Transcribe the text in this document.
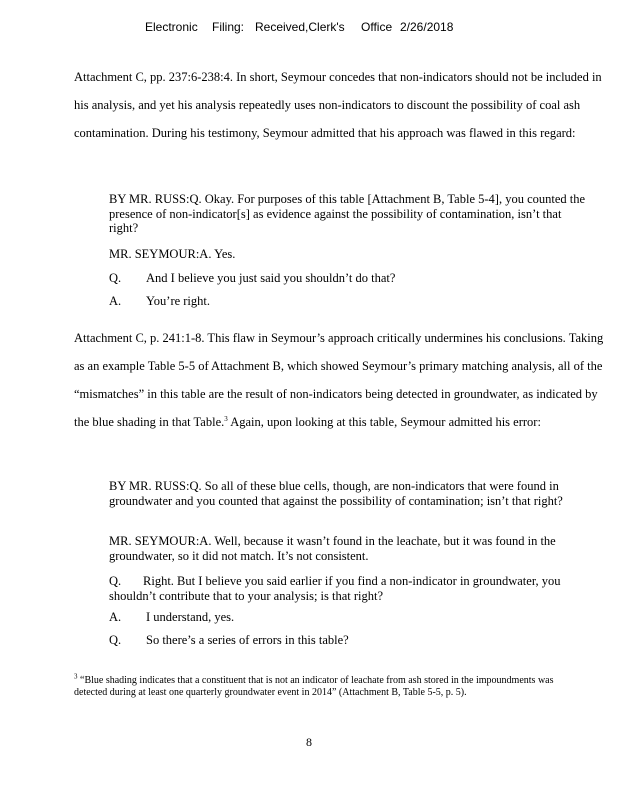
Electronic Filing: Received,Clerk's Office 2/26/2018

Attachment C, pp. 237:6-238:4. In short, Seymour concedes that non-indicators should not be included in his analysis, and yet his analysis repeatedly uses non-indicators to discount the possibility of coal ash contamination. During his testimony, Seymour admitted that his approach was flawed in this regard:

BY MR. RUSS:Q. Okay. For purposes of this table [Attachment B, Table 5-4], you counted the presence of non-indicator[s] as evidence against the possibility of contamination, isn’t that right?

MR. SEYMOUR:A. Yes.

Q. And I believe you just said you shouldn’t do that?
A. You’re right.

Attachment C, p. 241:1-8. This flaw in Seymour’s approach critically undermines his conclusions. Taking as an example Table 5-5 of Attachment B, which showed Seymour’s primary matching analysis, all of the “mismatches” in this table are the result of non-indicators being detected in groundwater, as indicated by the blue shading in that Table.$^3$ Again, upon looking at this table, Seymour admitted his error:

BY MR. RUSS:Q. So all of these blue cells, though, are non-indicators that were found in groundwater and you counted that against the possibility of contamination; isn’t that right?

MR. SEYMOUR:A. Well, because it wasn’t found in the leachate, but it was found in the groundwater, so it did not match. It’s not consistent.

Q.       Right. But I believe you said earlier if you find a non-indicator in groundwater, you shouldn’t contribute that to your analysis; is that right?

A. I understand, yes.
Q. So there’s a series of errors in this table?

$^3$ “Blue shading indicates that a constituent that is not an indicator of leachate from ash stored in the impoundments was detected during at least one quarterly groundwater event in 2014” (Attachment B, Table 5-5, p. 5).

8
